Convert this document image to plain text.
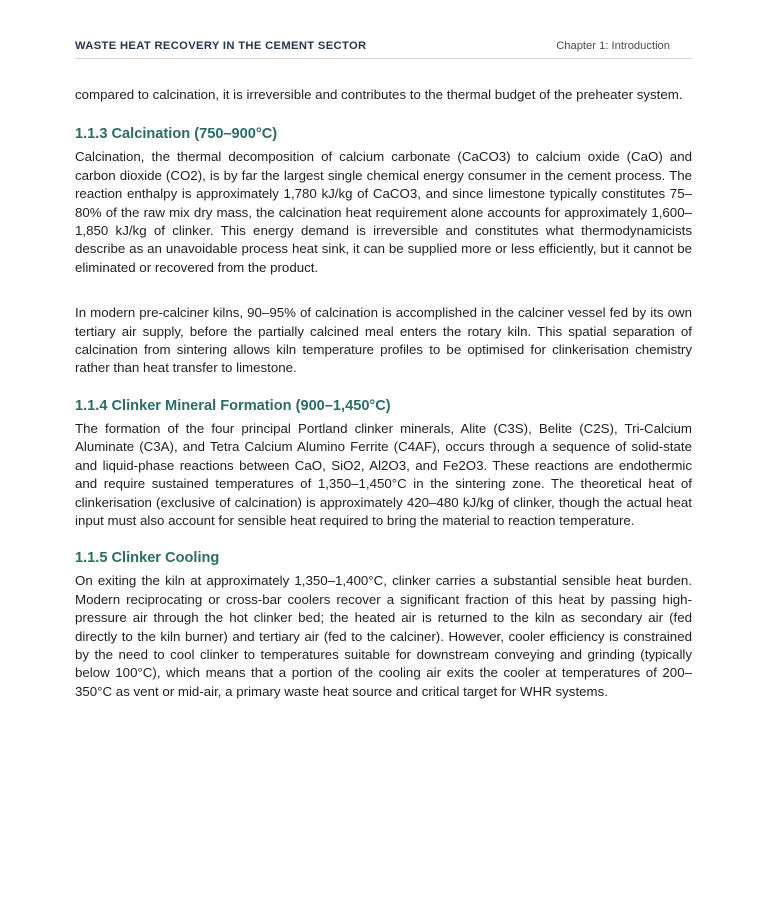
WASTE HEAT RECOVERY IN THE CEMENT SECTOR	Chapter 1: Introduction

compared to calcination, it is irreversible and contributes to the thermal budget of the preheater system.

1.1.3 Calcination (750–900°C)

Calcination, the thermal decomposition of calcium carbonate (CaCO3) to calcium oxide (CaO) and carbon dioxide (CO2), is by far the largest single chemical energy consumer in the cement process. The reaction enthalpy is approximately 1,780 kJ/kg of CaCO3, and since limestone typically constitutes 75–80% of the raw mix dry mass, the calcination heat requirement alone accounts for approximately 1,600–1,850 kJ/kg of clinker. This energy demand is irreversible and constitutes what thermodynamicists describe as an unavoidable process heat sink, it can be supplied more or less efficiently, but it cannot be eliminated or recovered from the product.

In modern pre-calciner kilns, 90–95% of calcination is accomplished in the calciner vessel fed by its own tertiary air supply, before the partially calcined meal enters the rotary kiln. This spatial separation of calcination from sintering allows kiln temperature profiles to be optimised for clinkerisation chemistry rather than heat transfer to limestone.

1.1.4 Clinker Mineral Formation (900–1,450°C)

The formation of the four principal Portland clinker minerals, Alite (C3S), Belite (C2S), Tri-Calcium Aluminate (C3A), and Tetra Calcium Alumino Ferrite (C4AF), occurs through a sequence of solid-state and liquid-phase reactions between CaO, SiO2, Al2O3, and Fe2O3. These reactions are endothermic and require sustained temperatures of 1,350–1,450°C in the sintering zone. The theoretical heat of clinkerisation (exclusive of calcination) is approximately 420–480 kJ/kg of clinker, though the actual heat input must also account for sensible heat required to bring the material to reaction temperature.

1.1.5 Clinker Cooling

On exiting the kiln at approximately 1,350–1,400°C, clinker carries a substantial sensible heat burden. Modern reciprocating or cross-bar coolers recover a significant fraction of this heat by passing high-pressure air through the hot clinker bed; the heated air is returned to the kiln as secondary air (fed directly to the kiln burner) and tertiary air (fed to the calciner). However, cooler efficiency is constrained by the need to cool clinker to temperatures suitable for downstream conveying and grinding (typically below 100°C), which means that a portion of the cooling air exits the cooler at temperatures of 200–350°C as vent or mid-air, a primary waste heat source and critical target for WHR systems.
